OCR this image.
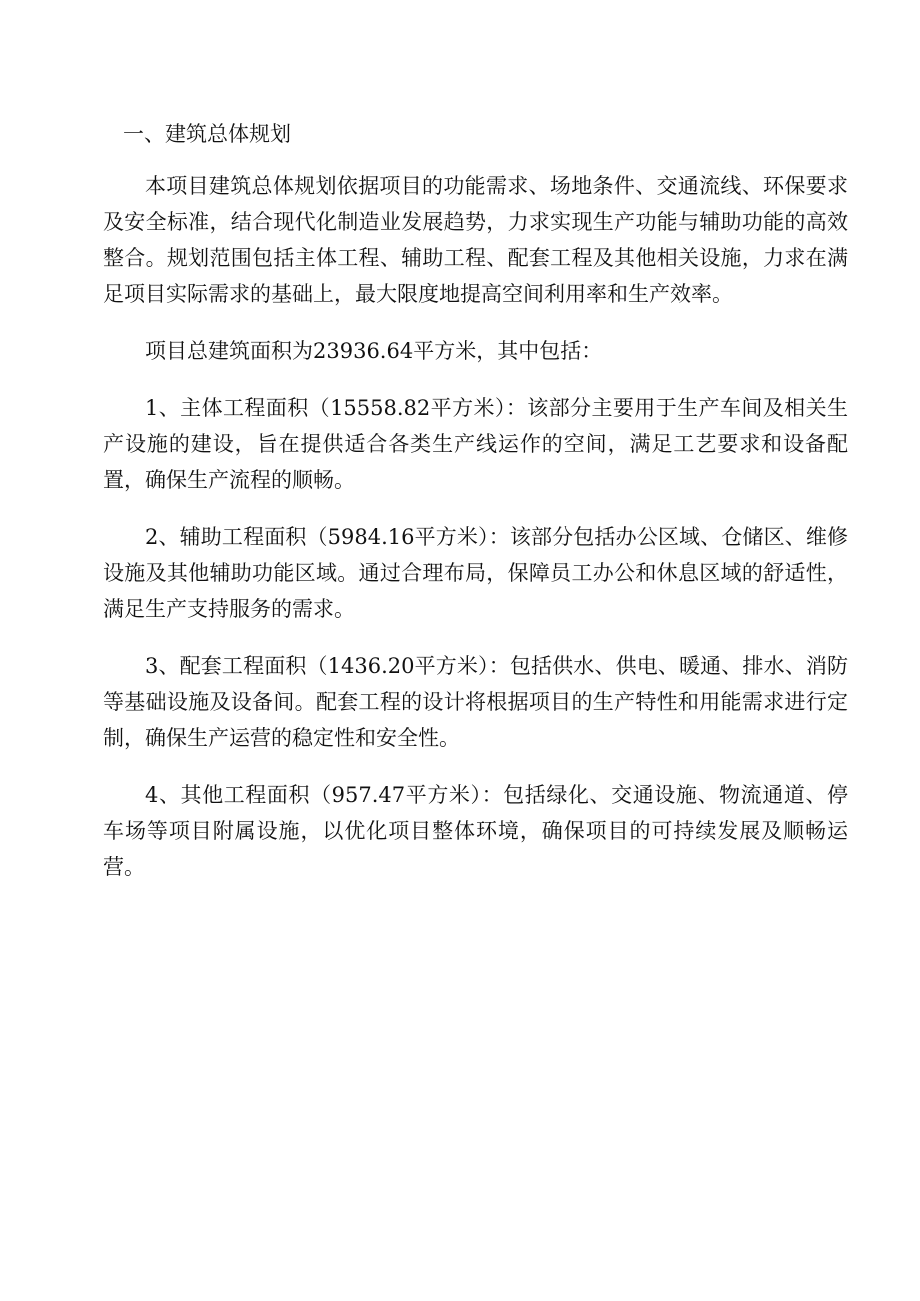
一、建筑总体规划

本项目建筑总体规划依据项目的功能需求、场地条件、交通流线、环保要求及安全标准，结合现代化制造业发展趋势，力求实现生产功能与辅助功能的高效整合。规划范围包括主体工程、辅助工程、配套工程及其他相关设施，力求在满足项目实际需求的基础上，最大限度地提高空间利用率和生产效率。

项目总建筑面积为23936.64平方米，其中包括：

1、主体工程面积（15558.82平方米）：该部分主要用于生产车间及相关生产设施的建设，旨在提供适合各类生产线运作的空间，满足工艺要求和设备配置，确保生产流程的顺畅。

2、辅助工程面积（5984.16平方米）：该部分包括办公区域、仓储区、维修设施及其他辅助功能区域。通过合理布局，保障员工办公和休息区域的舒适性，满足生产支持服务的需求。

3、配套工程面积（1436.20平方米）：包括供水、供电、暖通、排水、消防等基础设施及设备间。配套工程的设计将根据项目的生产特性和用能需求进行定制，确保生产运营的稳定性和安全性。

4、其他工程面积（957.47平方米）：包括绿化、交通设施、物流通道、停车场等项目附属设施，以优化项目整体环境，确保项目的可持续发展及顺畅运营。
